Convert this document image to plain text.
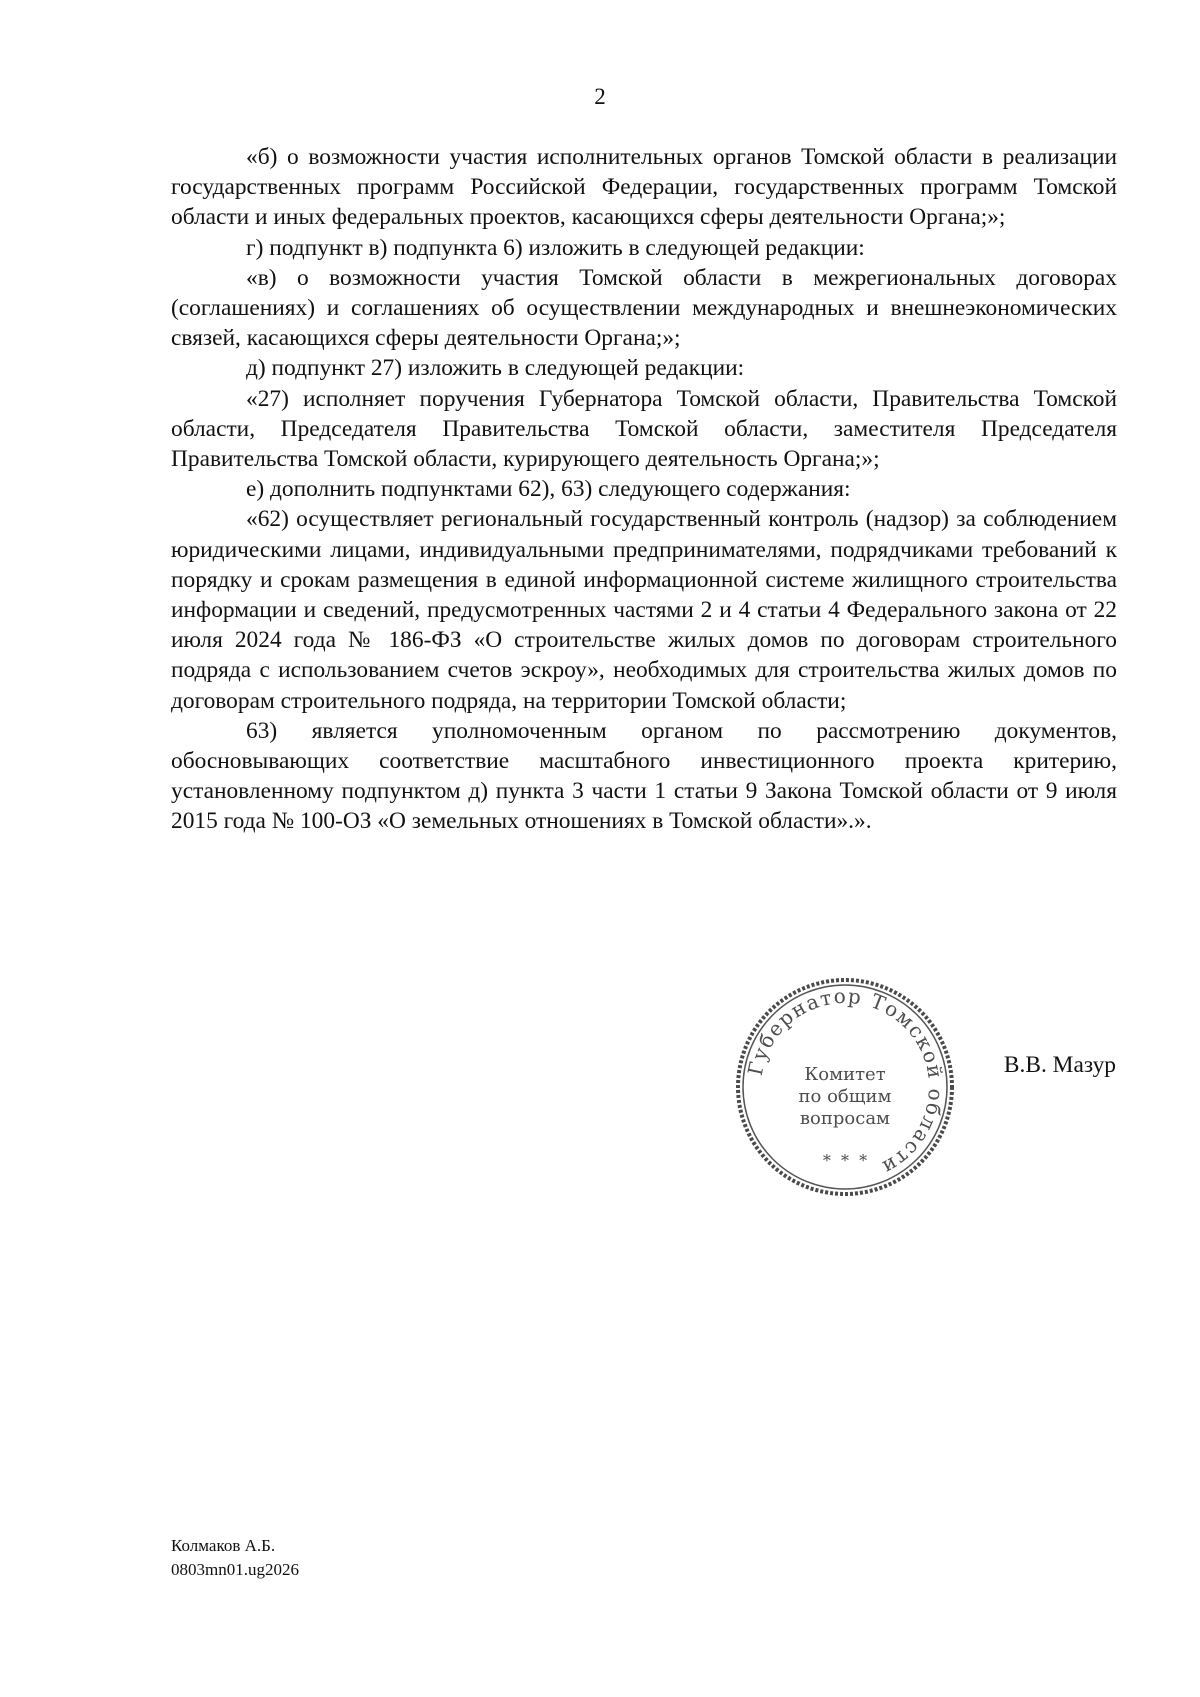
2

«б) о возможности участия исполнительных органов Томской области в реализации государственных программ Российской Федерации, государственных программ Томской области и иных федеральных проектов, касающихся сферы деятельности Органа;»;

г) подпункт в) подпункта 6) изложить в следующей редакции:

«в) о возможности участия Томской области в межрегиональных договорах (соглашениях) и соглашениях об осуществлении международных и внешнеэкономических связей, касающихся сферы деятельности Органа;»;

д) подпункт 27) изложить в следующей редакции:

«27) исполняет поручения Губернатора Томской области, Правительства Томской области, Председателя Правительства Томской области, заместителя Председателя Правительства Томской области, курирующего деятельность Органа;»;

е) дополнить подпунктами 62), 63) следующего содержания:

«62) осуществляет региональный государственный контроль (надзор) за соблюдением юридическими лицами, индивидуальными предпринимателями, подрядчиками требований к порядку и срокам размещения в единой информационной системе жилищного строительства информации и сведений, предусмотренных частями 2 и 4 статьи 4 Федерального закона от 22 июля 2024 года № 186-ФЗ «О строительстве жилых домов по договорам строительного подряда с использованием счетов эскроу», необходимых для строительства жилых домов по договорам строительного подряда, на территории Томской области;

63) является уполномоченным органом по рассмотрению документов, обосновывающих соответствие масштабного инвестиционного проекта критерию, установленному подпунктом д) пункта 3 части 1 статьи 9 Закона Томской области от 9 июля 2015 года № 100-ОЗ «О земельных отношениях в Томской области».».

Губернатор Томской области
Комитет
по общим
вопросам
*  *  *
В.В. Мазур
Колмаков А.Б.
0803mn01.ug2026
